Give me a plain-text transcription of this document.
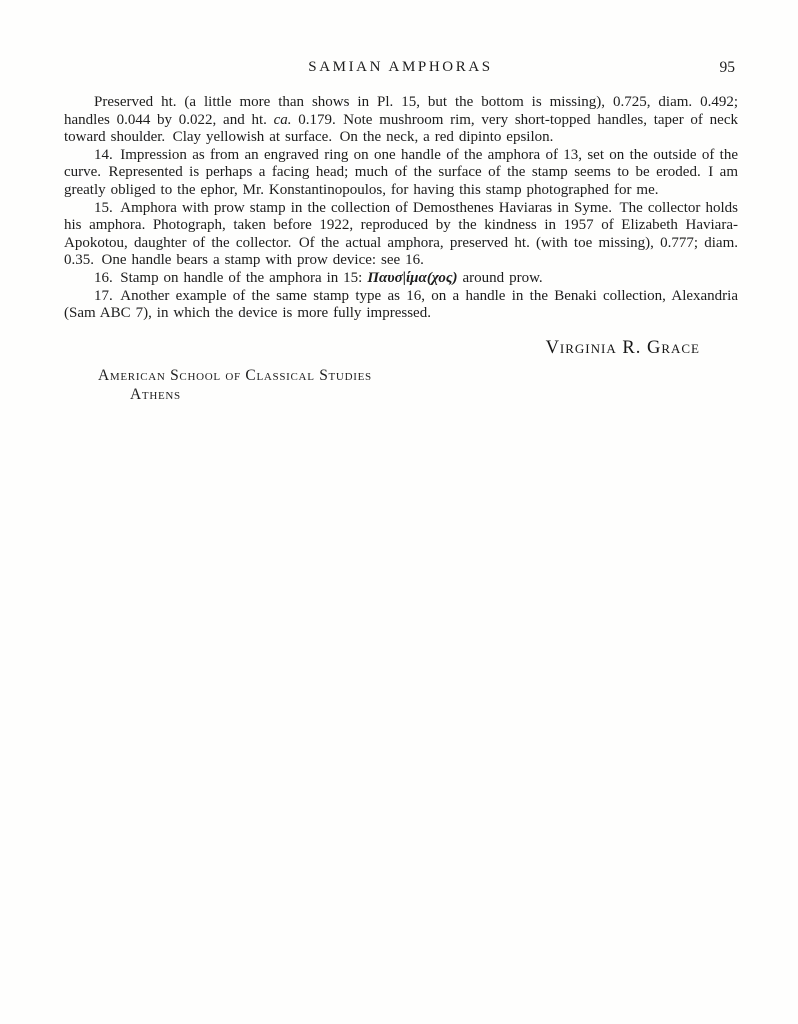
SAMIAN AMPHORAS	95

Preserved ht. (a little more than shows in Pl. 15, but the bottom is missing), 0.725, diam. 0.492; handles 0.044 by 0.022, and ht. ca. 0.179. Note mushroom rim, very short-topped handles, taper of neck toward shoulder. Clay yellowish at surface. On the neck, a red dipinto epsilon.

14. Impression as from an engraved ring on one handle of the amphora of 13, set on the outside of the curve. Represented is perhaps a facing head; much of the surface of the stamp seems to be eroded. I am greatly obliged to the ephor, Mr. Konstantinopoulos, for having this stamp photographed for me.

15. Amphora with prow stamp in the collection of Demosthenes Haviaras in Syme. The collector holds his amphora. Photograph, taken before 1922, reproduced by the kindness in 1957 of Elizabeth Haviara-Apokotou, daughter of the collector. Of the actual amphora, preserved ht. (with toe missing), 0.777; diam. 0.35. One handle bears a stamp with prow device: see 16.

16. Stamp on handle of the amphora in 15: Παυσ|ίμα(χος) around prow.

17. Another example of the same stamp type as 16, on a handle in the Benaki collection, Alexandria (Sam ABC 7), in which the device is more fully impressed.

Virginia R. Grace
American School of Classical Studies
Athens
